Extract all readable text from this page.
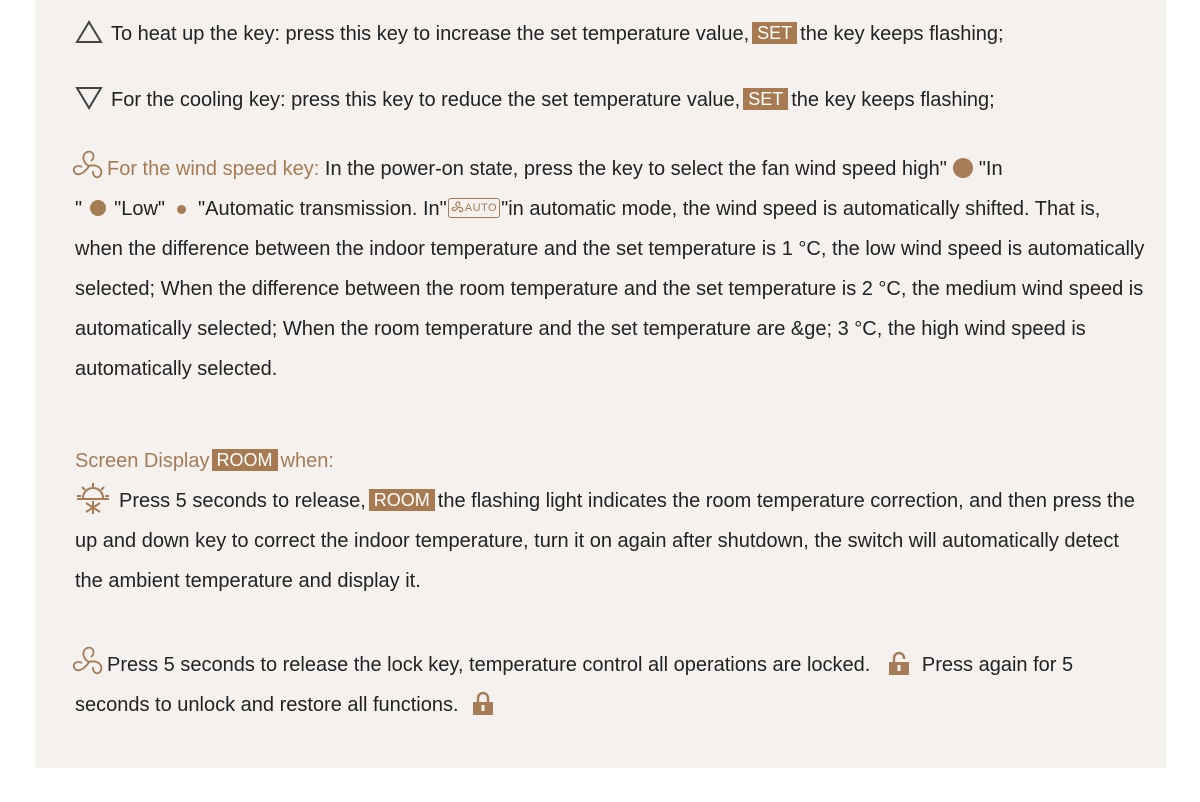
To heat up the key: press this key to increase the set temperature value, SET the key keeps flashing;
For the cooling key: press this key to reduce the set temperature value, SET the key keeps flashing;
For the wind speed key: In the power-on state, press the key to select the fan wind speed high" "In
" "Low" "Automatic transmission. In" AUTO "in automatic mode, the wind speed is automatically shifted. That is, when the difference between the indoor temperature and the set temperature is 1 °C, the low wind speed is automatically selected; When the difference between the room temperature and the set temperature is 2 °C, the medium wind speed is automatically selected; When the room temperature and the set temperature are &ge; 3 °C, the high wind speed is automatically selected.
Screen Display ROOM when:
Press 5 seconds to release, ROOM the flashing light indicates the room temperature correction, and then press the up and down key to correct the indoor temperature, turn it on again after shutdown, the switch will automatically detect the ambient temperature and display it.
Press 5 seconds to release the lock key, temperature control all operations are locked.	Press again for 5 seconds to unlock and restore all functions.
